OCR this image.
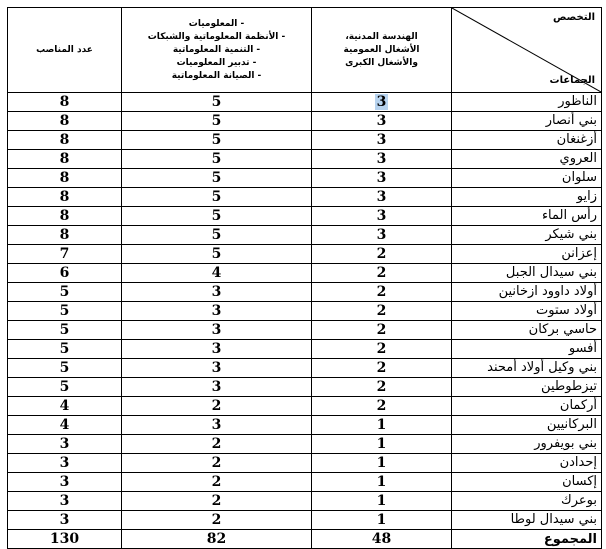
التخصص
الجماعات	الهندسة المدنية،
الأشغال العمومية
والأشغال الكبرى	- المعلوميات
- الأنظمة المعلوماتية والشبكات
- التنمية المعلوماتية
- تدبير المعلوميات
- الصيانة المعلوماتية	عدد المناصب

الناظور	3	5	8
بني أنصار	3	5	8
أزغنغان	3	5	8
العروي	3	5	8
سلوان	3	5	8
زايو	3	5	8
رأس الماء	3	5	8
بني شيكر	3	5	8
إعزانن	2	5	7
بني سيدال الجبل	2	4	6
أولاد داوود ازخانين	2	3	5
أولاد ستوت	2	3	5
حاسي بركان	2	3	5
أفسو	2	3	5
بني وكيل أولاد أمحند	2	3	5
تيزطوطين	2	3	5
أركمان	2	2	4
البركانيين	1	3	4
بني بويفرور	1	2	3
إحدادن	1	2	3
إكسان	1	2	3
بوعرك	1	2	3
بني سيدال لوطا	1	2	3
المجموع	48	82	130
